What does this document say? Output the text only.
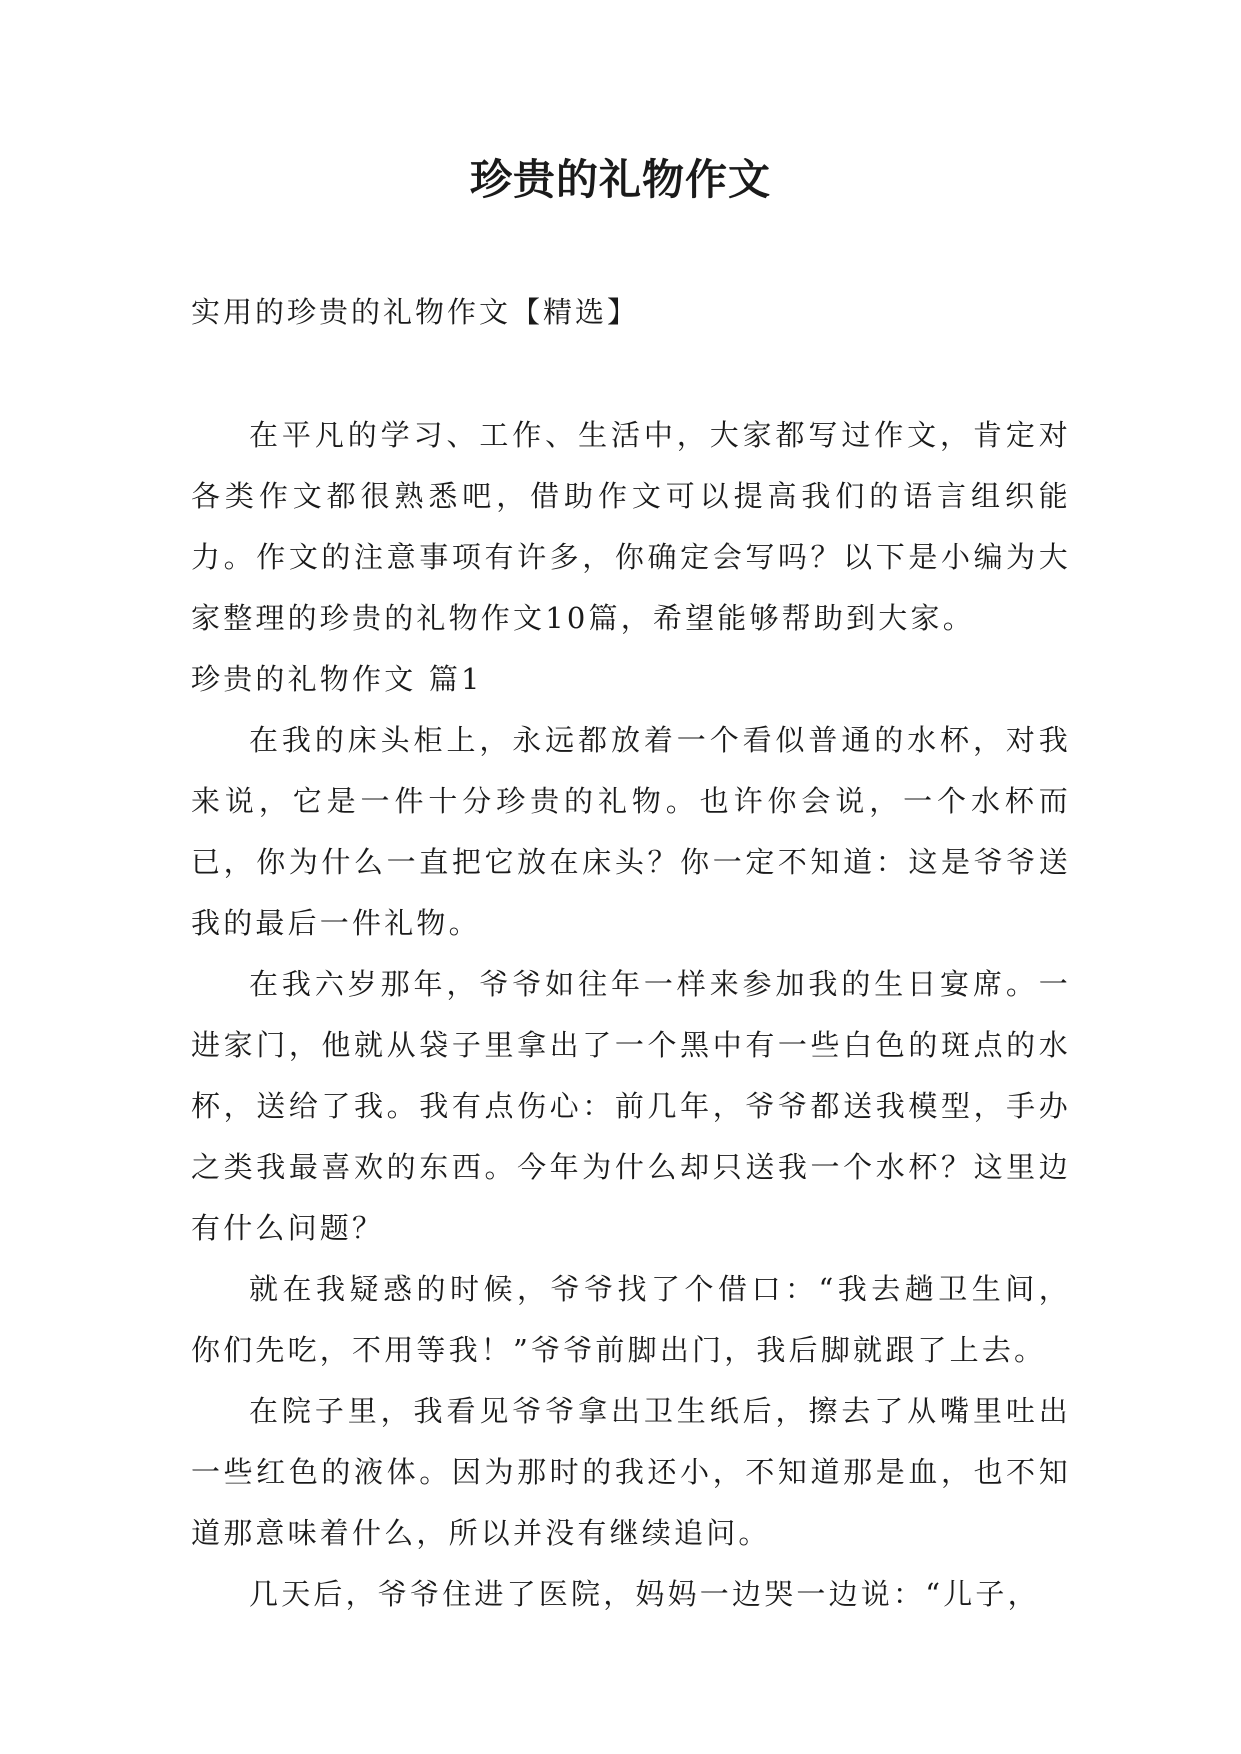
珍贵的礼物作文
实用的珍贵的礼物作文【精选】

在平凡的学习、工作、生活中，大家都写过作文，肯定对各类作文都很熟悉吧，借助作文可以提高我们的语言组织能力。作文的注意事项有许多，你确定会写吗？以下是小编为大家整理的珍贵的礼物作文10篇，希望能够帮助到大家。

珍贵的礼物作文 篇1

在我的床头柜上，永远都放着一个看似普通的水杯，对我来说，它是一件十分珍贵的礼物。也许你会说，一个水杯而已，你为什么一直把它放在床头？你一定不知道：这是爷爷送我的最后一件礼物。

在我六岁那年，爷爷如往年一样来参加我的生日宴席。一进家门，他就从袋子里拿出了一个黑中有一些白色的斑点的水杯，送给了我。我有点伤心：前几年，爷爷都送我模型，手办之类我最喜欢的东西。今年为什么却只送我一个水杯？这里边有什么问题？

就在我疑惑的时候，爷爷找了个借口：“我去趟卫生间，你们先吃，不用等我！”爷爷前脚出门，我后脚就跟了上去。

在院子里，我看见爷爷拿出卫生纸后，擦去了从嘴里吐出一些红色的液体。因为那时的我还小，不知道那是血，也不知道那意味着什么，所以并没有继续追问。

几天后，爷爷住进了医院，妈妈一边哭一边说：“儿子，
